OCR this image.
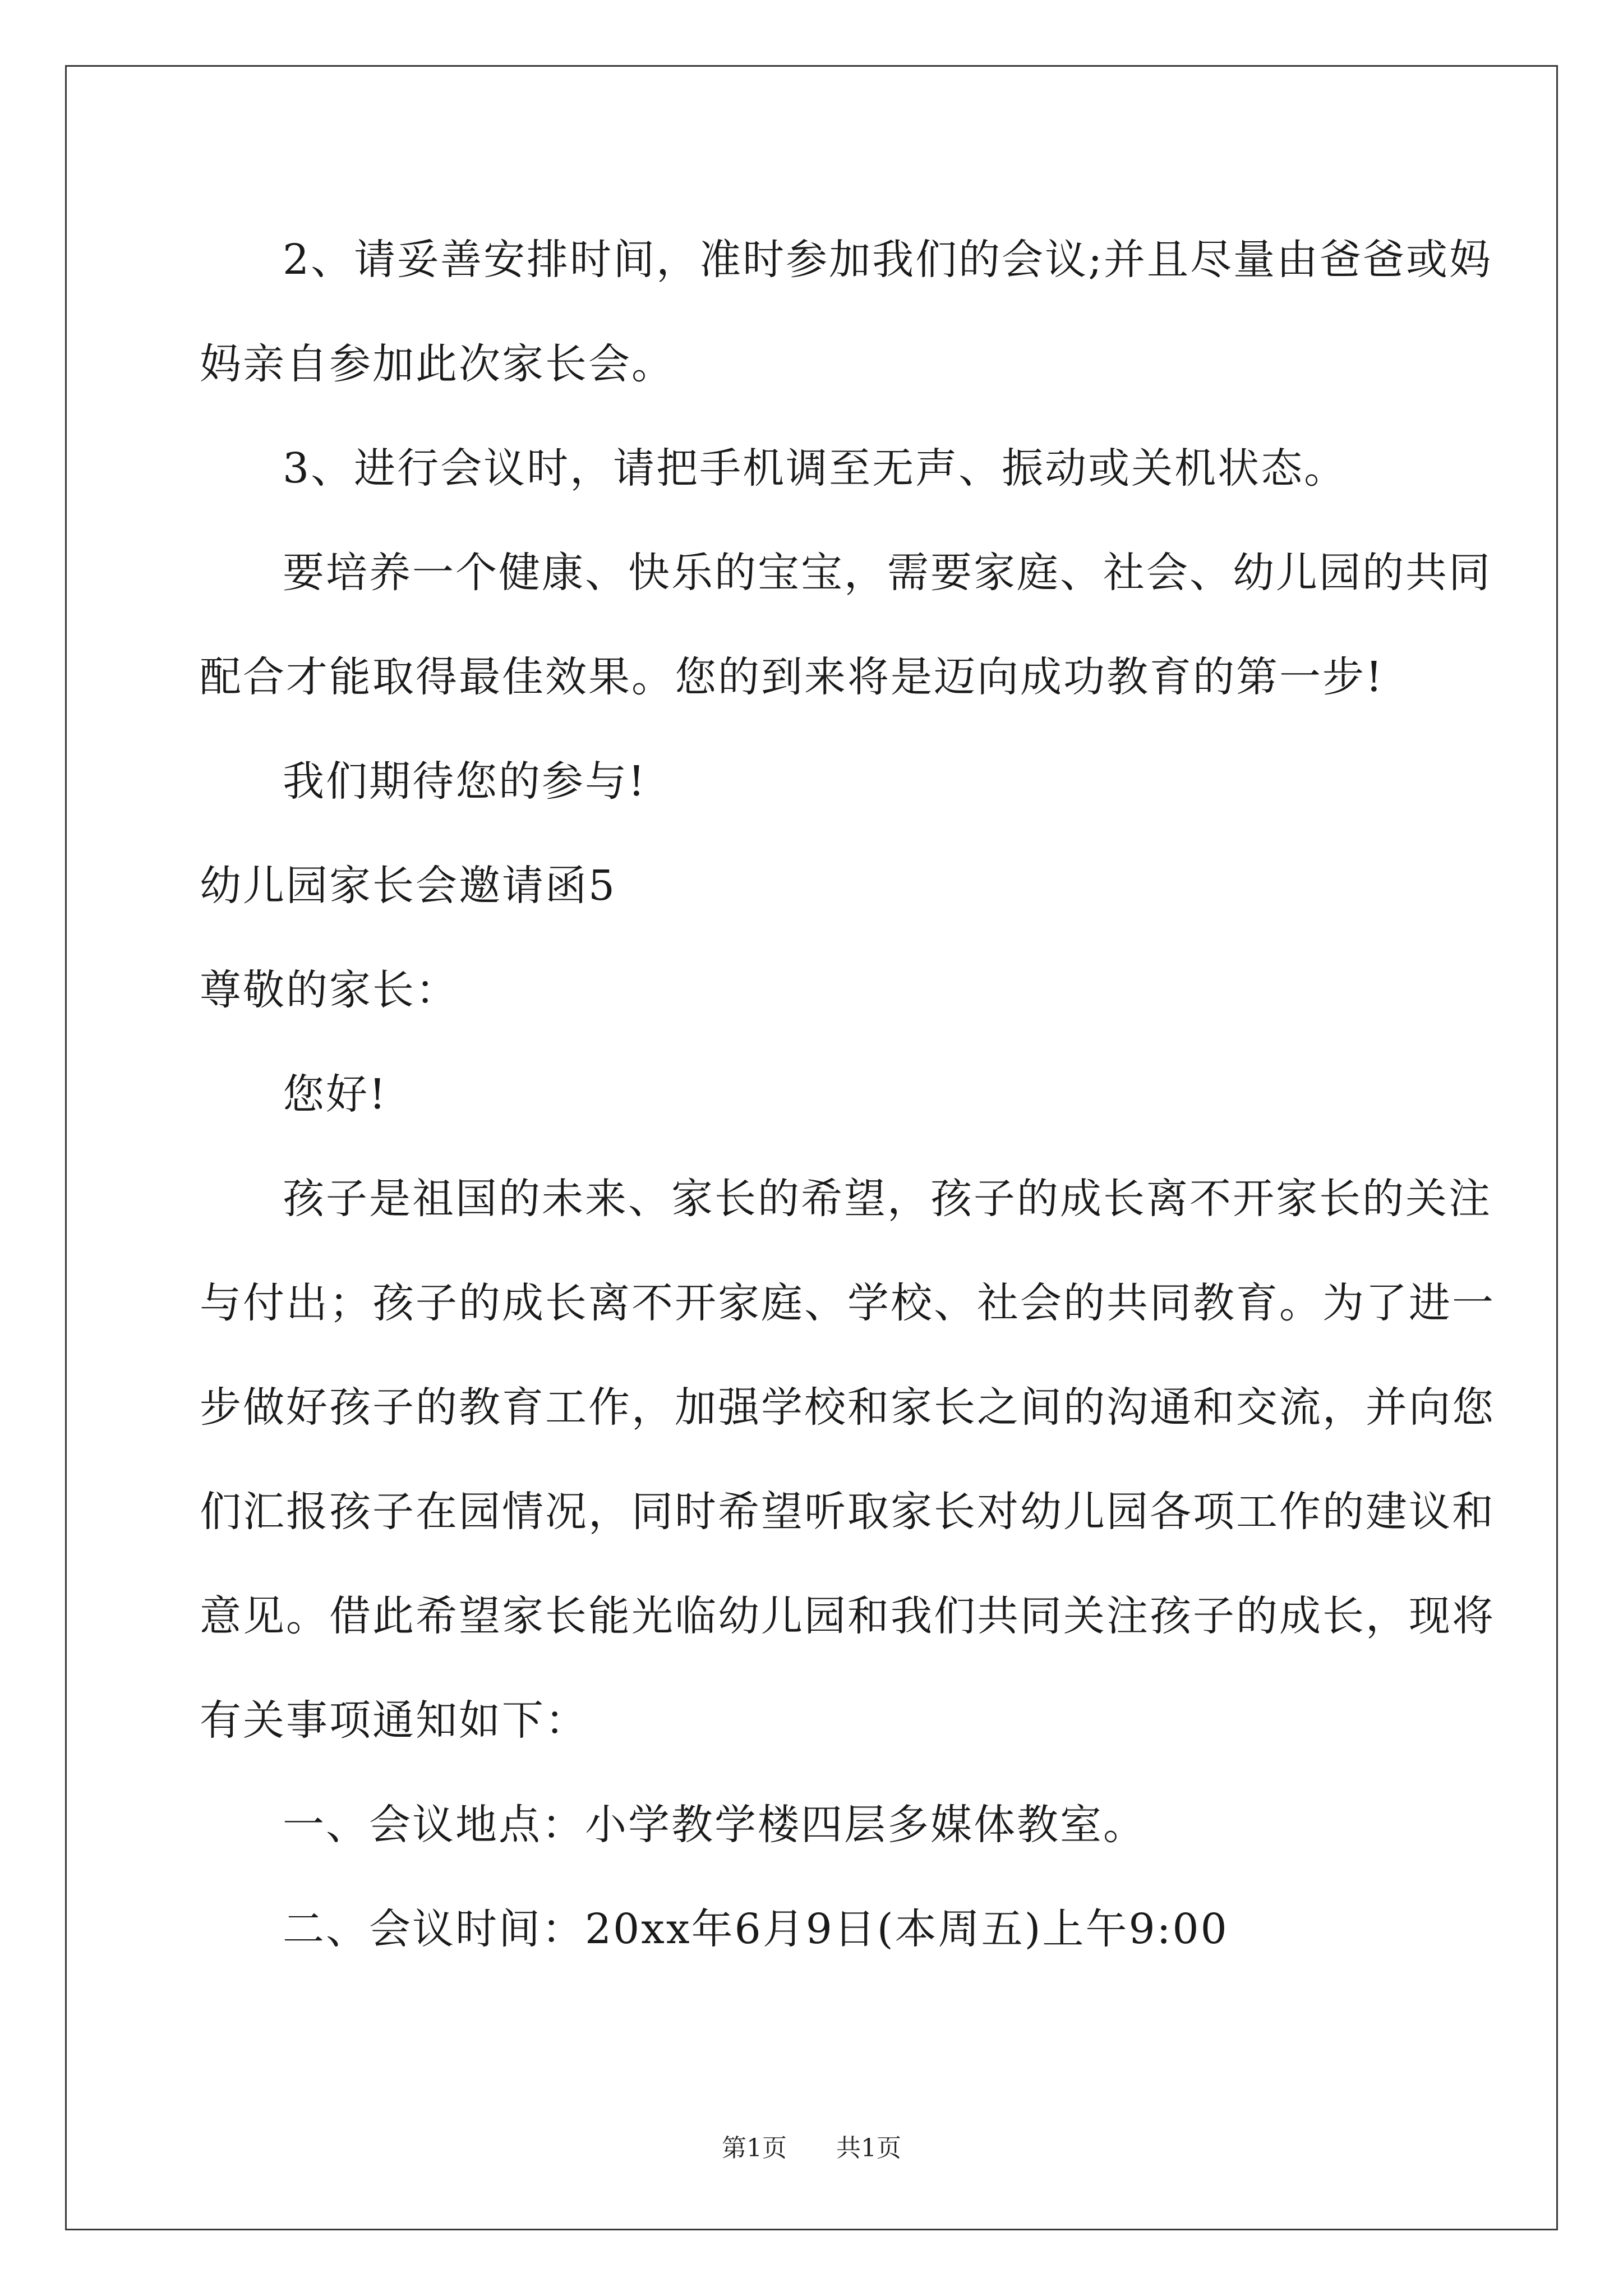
2、请妥善安排时间，准时参加我们的会议;并且尽量由爸爸或妈
妈亲自参加此次家长会。

3、进行会议时，请把手机调至无声、振动或关机状态。

要培养一个健康、快乐的宝宝，需要家庭、社会、幼儿园的共同
配合才能取得最佳效果。您的到来将是迈向成功教育的第一步!

我们期待您的参与!

幼儿园家长会邀请函5

尊敬的家长：

您好!

孩子是祖国的未来、家长的希望，孩子的成长离不开家长的关注
与付出；孩子的成长离不开家庭、学校、社会的共同教育。为了进一
步做好孩子的教育工作，加强学校和家长之间的沟通和交流，并向您
们汇报孩子在园情况，同时希望听取家长对幼儿园各项工作的建议和
意见。借此希望家长能光临幼儿园和我们共同关注孩子的成长，现将
有关事项通知如下：

一、会议地点：小学教学楼四层多媒体教室。

二、会议时间：20xx年6月9日(本周五)上午9:00

第1页 共1页
